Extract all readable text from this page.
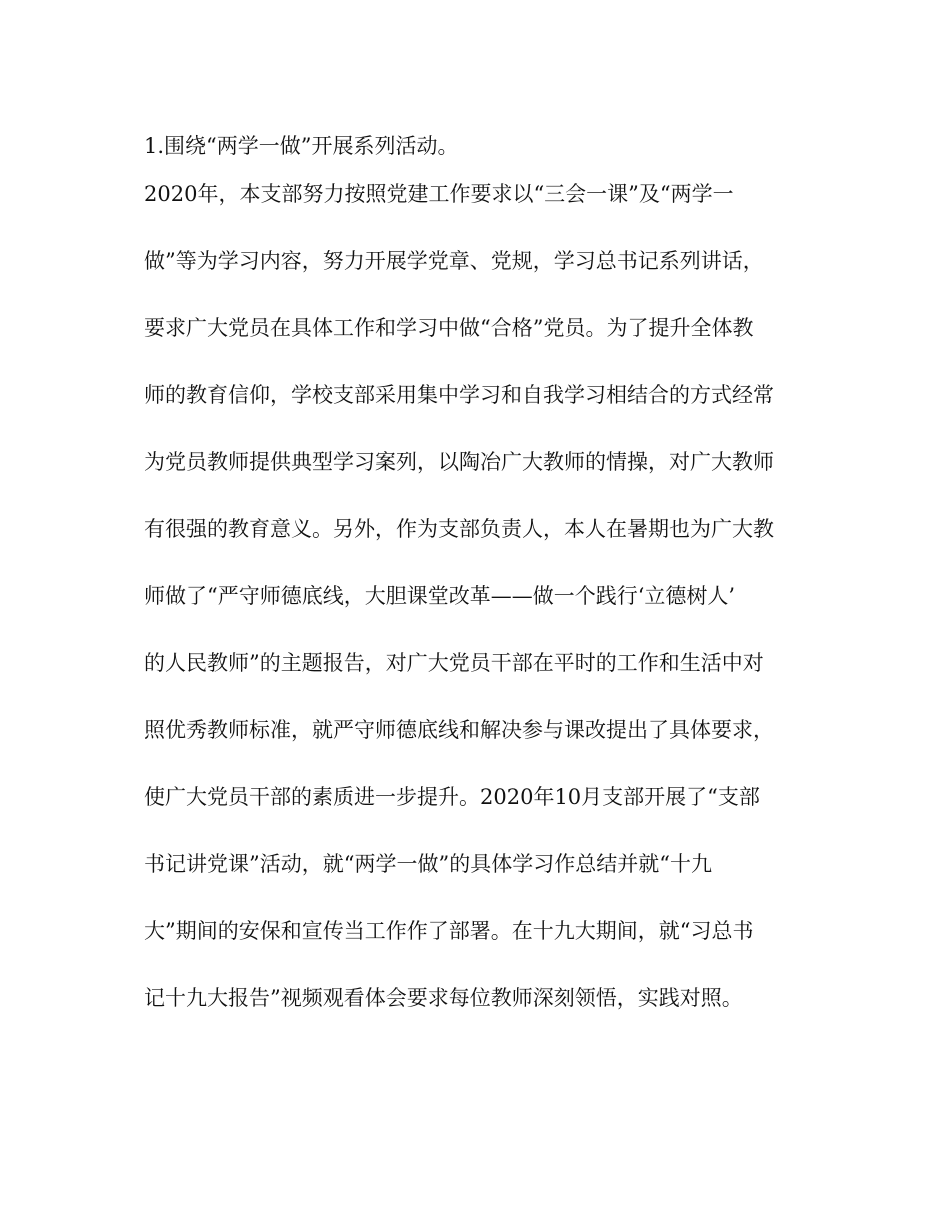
1.围绕“两学一做”开展系列活动。

2020年，本支部努力按照党建工作要求以“三会一课”及“两学一

做”等为学习内容，努力开展学党章、党规，学习总书记系列讲话，

要求广大党员在具体工作和学习中做“合格”党员。为了提升全体教

师的教育信仰，学校支部采用集中学习和自我学习相结合的方式经常

为党员教师提供典型学习案列，以陶冶广大教师的情操，对广大教师

有很强的教育意义。另外，作为支部负责人，本人在暑期也为广大教

师做了“严守师德底线，大胆课堂改革——做一个践行‘立德树人’

的人民教师”的主题报告，对广大党员干部在平时的工作和生活中对

照优秀教师标准，就严守师德底线和解决参与课改提出了具体要求，

使广大党员干部的素质进一步提升。2020年10月支部开展了“支部

书记讲党课”活动，就“两学一做”的具体学习作总结并就“十九

大”期间的安保和宣传当工作作了部署。在十九大期间，就“习总书

记十九大报告”视频观看体会要求每位教师深刻领悟，实践对照。
